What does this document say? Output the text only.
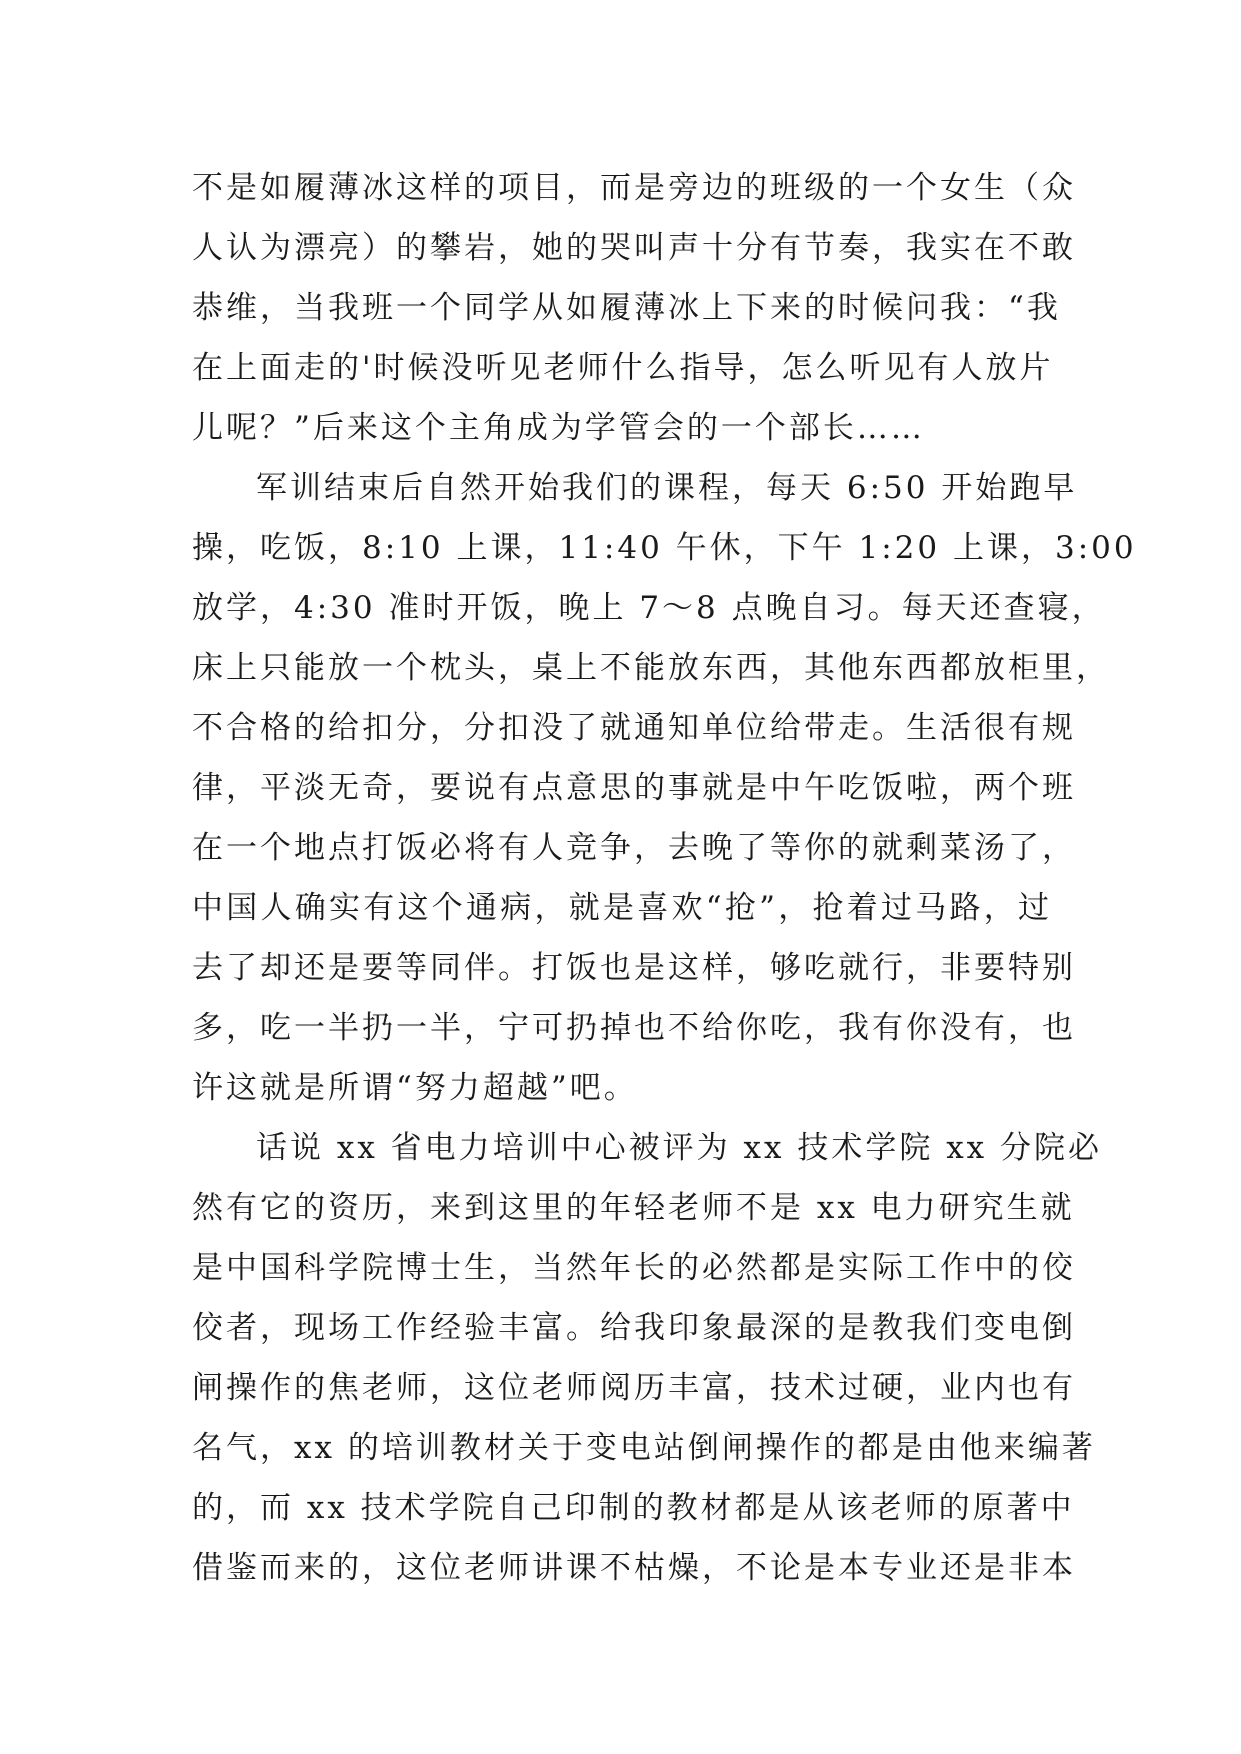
不是如履薄冰这样的项目，而是旁边的班级的一个女生（众
人认为漂亮）的攀岩，她的哭叫声十分有节奏，我实在不敢
恭维，当我班一个同学从如履薄冰上下来的时候问我：“我
在上面走的'时候没听见老师什么指导，怎么听见有人放片
儿呢？”后来这个主角成为学管会的一个部长……
军训结束后自然开始我们的课程，每天 6:50 开始跑早
操，吃饭，8:10 上课，11:40 午休，下午 1:20 上课，3:00
放学，4:30 准时开饭，晚上 7～8 点晚自习。每天还查寝，
床上只能放一个枕头，桌上不能放东西，其他东西都放柜里，
不合格的给扣分，分扣没了就通知单位给带走。生活很有规
律，平淡无奇，要说有点意思的事就是中午吃饭啦，两个班
在一个地点打饭必将有人竞争，去晚了等你的就剩菜汤了，
中国人确实有这个通病，就是喜欢“抢”，抢着过马路，过
去了却还是要等同伴。打饭也是这样，够吃就行，非要特别
多，吃一半扔一半，宁可扔掉也不给你吃，我有你没有，也
许这就是所谓“努力超越”吧。
话说 xx 省电力培训中心被评为 xx 技术学院 xx 分院必
然有它的资历，来到这里的年轻老师不是 xx 电力研究生就
是中国科学院博士生，当然年长的必然都是实际工作中的佼
佼者，现场工作经验丰富。给我印象最深的是教我们变电倒
闸操作的焦老师，这位老师阅历丰富，技术过硬，业内也有
名气，xx 的培训教材关于变电站倒闸操作的都是由他来编著
的，而 xx 技术学院自己印制的教材都是从该老师的原著中
借鉴而来的，这位老师讲课不枯燥，不论是本专业还是非本
